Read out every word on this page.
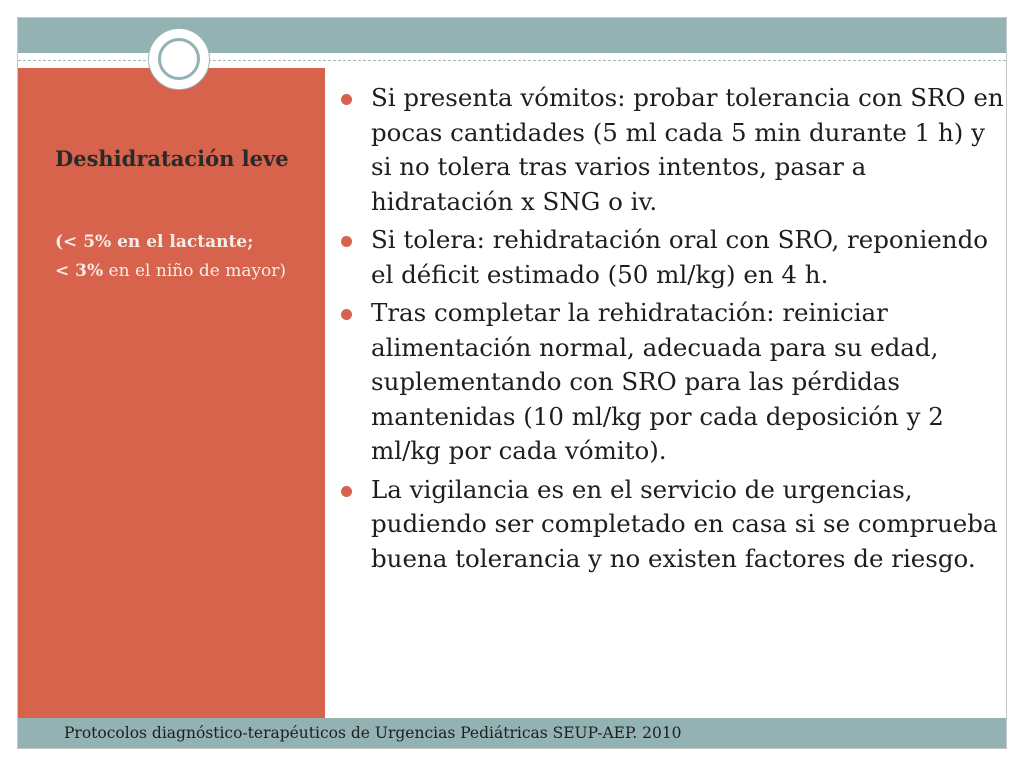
Deshidratación leve

(< 5% en el lactante;
< 3% en el niño de mayor)

Si presenta vómitos: probar tolerancia con SRO en pocas cantidades (5 ml cada 5 min durante 1 h) y si no tolera tras varios intentos, pasar a hidratación x SNG o iv.
Si tolera: rehidratación oral con SRO, reponiendo el déficit estimado (50 ml/kg) en 4 h.
Tras completar la rehidratación: reiniciar alimentación normal, adecuada para su edad, suplementando con SRO para las pérdidas mantenidas (10 ml/kg por cada deposición y 2 ml/kg por cada vómito).
La vigilancia es en el servicio de urgencias, pudiendo ser completado en casa si se comprueba buena tolerancia y no existen factores de riesgo.

Protocolos diagnóstico-terapéuticos de Urgencias Pediátricas SEUP-AEP. 2010
